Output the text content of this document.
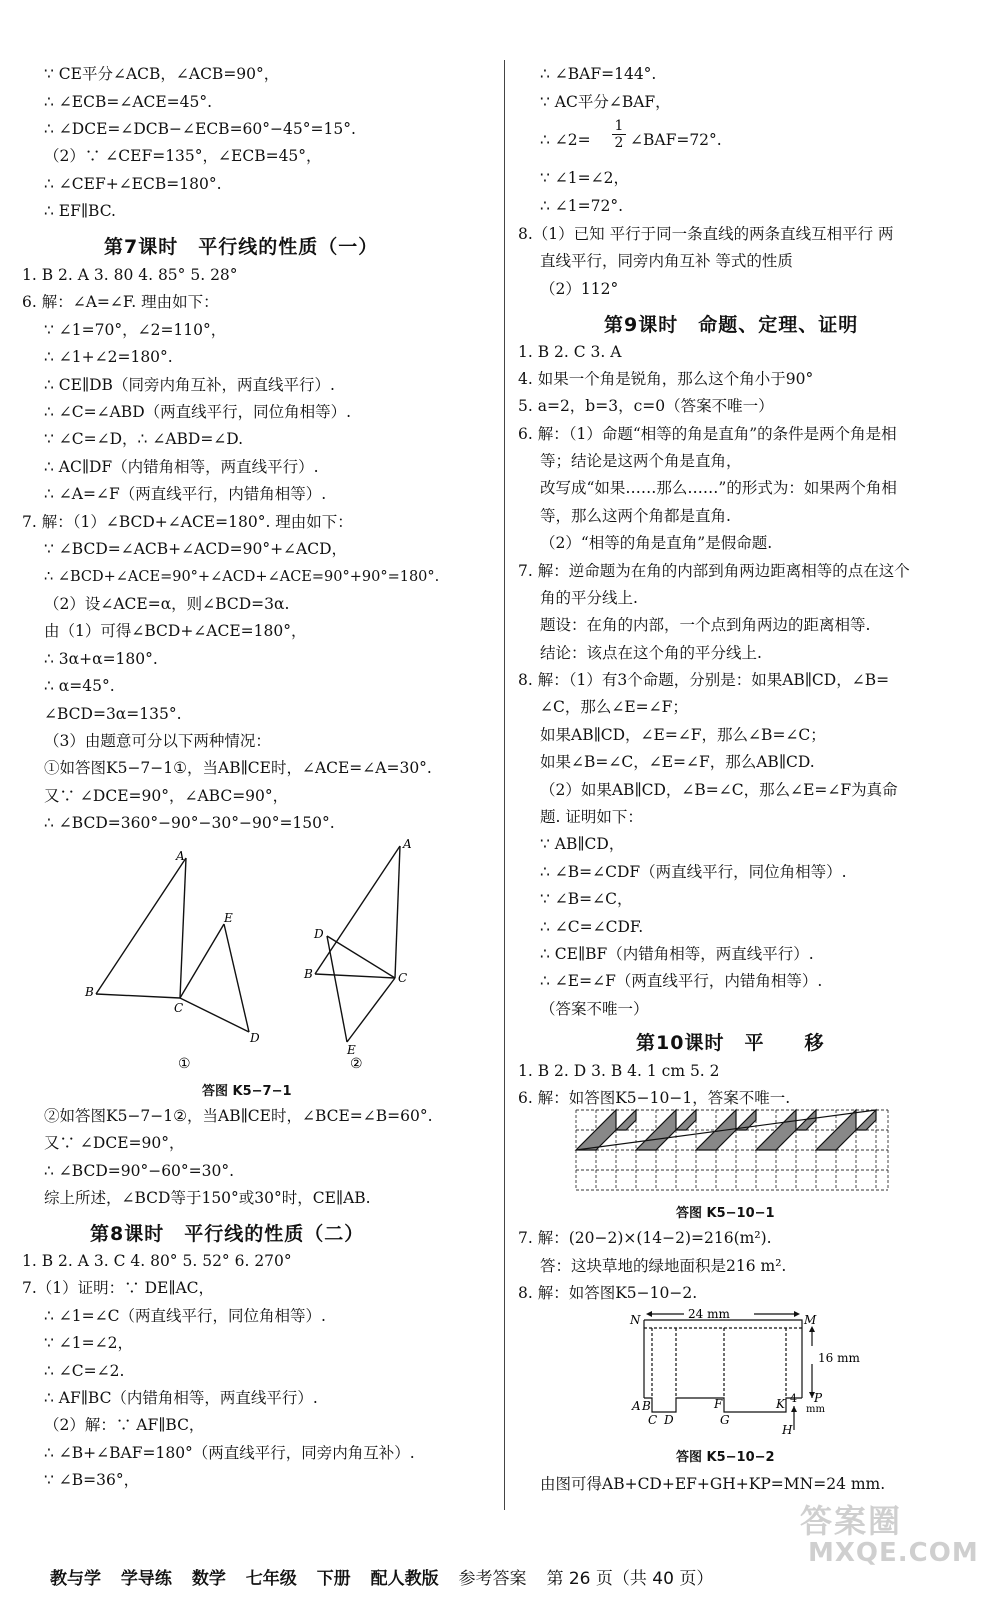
∵ CE平分∠ACB，∠ACB=90°，
∴ ∠ECB=∠ACE=45°.
∴ ∠DCE=∠DCB−∠ECB=60°−45°=15°.
（2）∵ ∠CEF=135°，∠ECB=45°，
∴ ∠CEF+∠ECB=180°.
∴ EF∥BC.
第7课时　平行线的性质（一）
1. B 2. A 3. 80 4. 85° 5. 28°
6. 解：∠A=∠F. 理由如下：
∵ ∠1=70°，∠2=110°，
∴ ∠1+∠2=180°.
∴ CE∥DB（同旁内角互补，两直线平行）.
∴ ∠C=∠ABD（两直线平行，同位角相等）.
∵ ∠C=∠D，∴ ∠ABD=∠D.
∴ AC∥DF（内错角相等，两直线平行）.
∴ ∠A=∠F（两直线平行，内错角相等）.
7. 解：（1）∠BCD+∠ACE=180°. 理由如下：
∵ ∠BCD=∠ACB+∠ACD=90°+∠ACD，
∴ ∠BCD+∠ACE=90°+∠ACD+∠ACE=90°+90°=180°.
（2）设∠ACE=α，则∠BCD=3α.
由（1）可得∠BCD+∠ACE=180°，
∴ 3α+α=180°.
∴ α=45°.
∠BCD=3α=135°.
（3）由题意可分以下两种情况：
①如答图K5−7−1①，当AB∥CE时，∠ACE=∠A=30°.
又∵ ∠DCE=90°，∠ABC=90°，
∴ ∠BCD=360°−90°−30°−90°=150°.
A
B
C
E
D
A
D
B	C
E
①	②
答图 K5−7−1
②如答图K5−7−1②，当AB∥CE时，∠BCE=∠B=60°.
又∵ ∠DCE=90°，
∴ ∠BCD=90°−60°=30°.
综上所述，∠BCD等于150°或30°时，CE∥AB.
第8课时　平行线的性质（二）
1. B 2. A 3. C 4. 80° 5. 52° 6. 270°
7.（1）证明：∵ DE∥AC，
∴ ∠1=∠C（两直线平行，同位角相等）.
∵ ∠1=∠2，
∴ ∠C=∠2.
∴ AF∥BC（内错角相等，两直线平行）.
（2）解：∵ AF∥BC，
∴ ∠B+∠BAF=180°（两直线平行，同旁内角互补）.
∵ ∠B=36°，
∴ ∠BAF=144°.
∵ AC平分∠BAF，
∴ ∠2= $\frac{1}{2}$ ∠BAF=72°.
∵ ∠1=∠2，
∴ ∠1=72°.
8.（1）已知 平行于同一条直线的两条直线互相平行 两
直线平行，同旁内角互补 等式的性质
（2）112°
第9课时　命题、定理、证明
1. B 2. C 3. A
4. 如果一个角是锐角，那么这个角小于90°
5. a=2，b=3，c=0（答案不唯一）
6. 解：（1）命题“相等的角是直角”的条件是两个角是相
等；结论是这两个角是直角，
改写成“如果……那么……”的形式为：如果两个角相
等，那么这两个角都是直角.
（2）“相等的角是直角”是假命题.
7. 解：逆命题为在角的内部到角两边距离相等的点在这个
角的平分线上.
题设：在角的内部，一个点到角两边的距离相等.
结论：该点在这个角的平分线上.
8. 解：（1）有3个命题，分别是：如果AB∥CD，∠B=
∠C，那么∠E=∠F；
如果AB∥CD，∠E=∠F，那么∠B=∠C；
如果∠B=∠C，∠E=∠F，那么AB∥CD.
（2）如果AB∥CD，∠B=∠C，那么∠E=∠F为真命
题. 证明如下：
∵ AB∥CD，
∴ ∠B=∠CDF（两直线平行，同位角相等）.
∵ ∠B=∠C，
∴ ∠C=∠CDF.
∴ CE∥BF（内错角相等，两直线平行）.
∴ ∠E=∠F（两直线平行，内错角相等）.
（答案不唯一）
第10课时　平　　移
1. B 2. D 3. B 4. 1 cm 5. 2
6. 解：如答图K5−10−1，答案不唯一.
答图 K5−10−1
7. 解：(20−2)×(14−2)=216(m²).
答：这块草地的绿地面积是216 m².
8. 解：如答图K5−10−2.
24 mm
16 mm
N	M
P
K
H
4
mm
A B
C D
F
G
答图 K5−10−2
由图可得AB+CD+EF+GH+KP=MN=24 mm.
答案圈
MXQE.COM
教与学 学导练 数学 七年级 下册 配人教版 参考答案 第 26 页（共 40 页）
